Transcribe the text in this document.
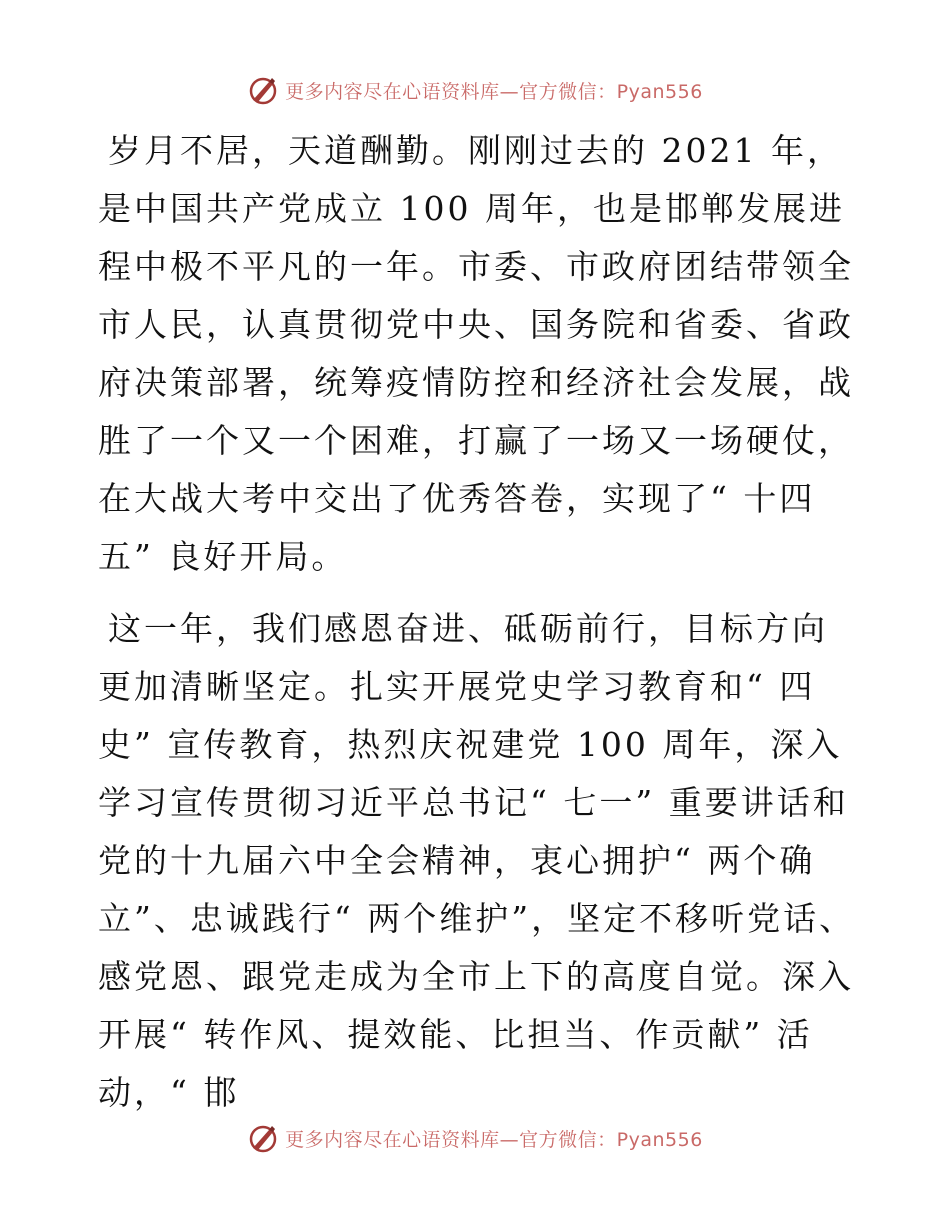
更多内容尽在心语资料库—官方微信：Pyan556

岁月不居，天道酬勤。刚刚过去的 2021 年，是中国共产党成立 100 周年，也是邯郸发展进程中极不平凡的一年。市委、市政府团结带领全市人民，认真贯彻党中央、国务院和省委、省政府决策部署，统筹疫情防控和经济社会发展，战胜了一个又一个困难，打赢了一场又一场硬仗，在大战大考中交出了优秀答卷，实现了“ 十四五” 良好开局。

这一年，我们感恩奋进、砥砺前行，目标方向更加清晰坚定。扎实开展党史学习教育和“ 四史” 宣传教育，热烈庆祝建党 100 周年，深入学习宣传贯彻习近平总书记“ 七一” 重要讲话和党的十九届六中全会精神，衷心拥护“ 两个确立”、忠诚践行“ 两个维护”，坚定不移听党话、感党恩、跟党走成为全市上下的高度自觉。深入开展“ 转作风、提效能、比担当、作贡献” 活动，“ 邯

更多内容尽在心语资料库—官方微信：Pyan556
